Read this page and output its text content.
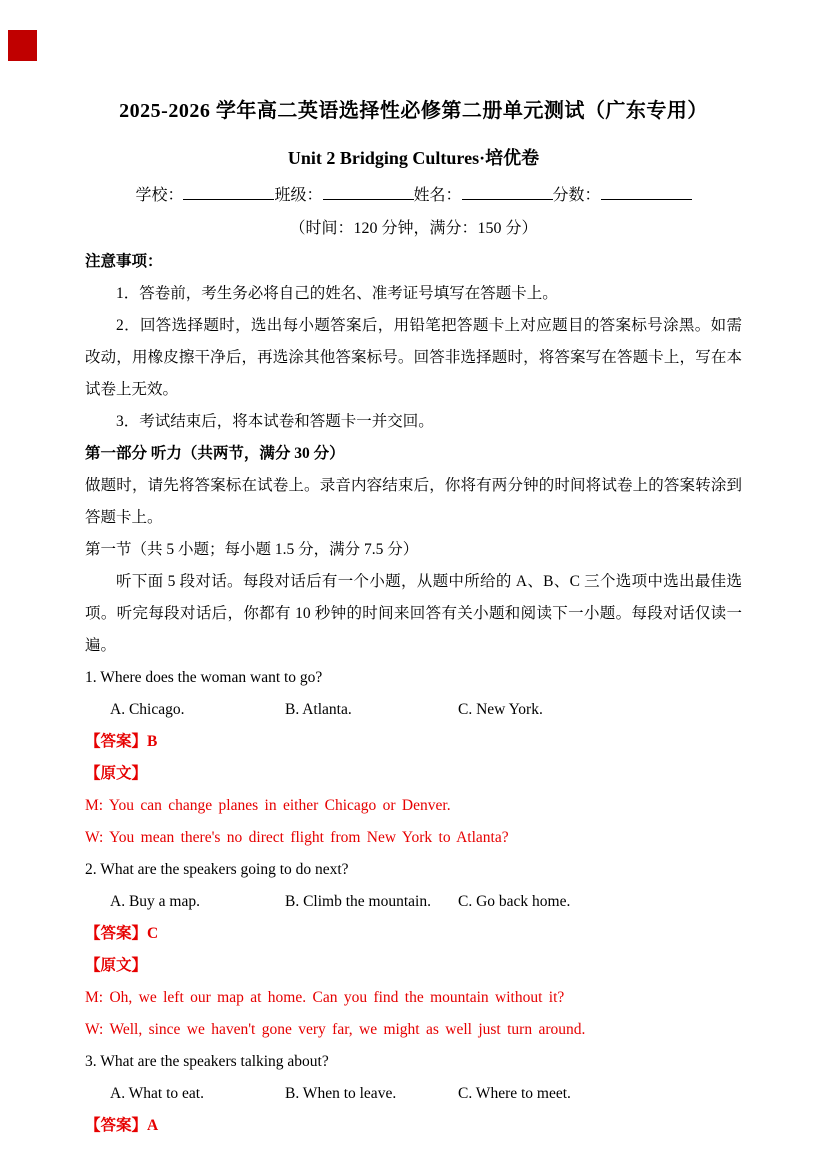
2025-2026 学年高二英语选择性必修第二册单元测试（广东专用）
Unit 2 Bridging Cultures·培优卷
学校：	班级：	姓名：	分数：
（时间：120 分钟，满分：150 分）

注意事项：

1．答卷前，考生务必将自己的姓名、准考证号填写在答题卡上。

2．回答选择题时，选出每小题答案后，用铅笔把答题卡上对应题目的答案标号涂黑。如需改动，用橡皮擦干净后，再选涂其他答案标号。回答非选择题时，将答案写在答题卡上，写在本试卷上无效。

3．考试结束后，将本试卷和答题卡一并交回。

第一部分 听力（共两节，满分 30 分）

做题时，请先将答案标在试卷上。录音内容结束后，你将有两分钟的时间将试卷上的答案转涂到答题卡上。

第一节（共 5 小题；每小题 1.5 分，满分 7.5 分）

听下面 5 段对话。每段对话后有一个小题，从题中所给的 A、B、C 三个选项中选出最佳选项。听完每段对话后，你都有 10 秒钟的时间来回答有关小题和阅读下一小题。每段对话仅读一遍。

1. Where does the woman want to go?

A. Chicago.	B. Atlanta.	C. New York.

【答案】B

【原文】

M: You can change planes in either Chicago or Denver.

W: You mean there's no direct flight from New York to Atlanta?

2. What are the speakers going to do next?

A. Buy a map.	B. Climb the mountain.	C. Go back home.

【答案】C

【原文】

M: Oh, we left our map at home. Can you find the mountain without it?

W: Well, since we haven't gone very far, we might as well just turn around.

3. What are the speakers talking about?

A. What to eat.	B. When to leave.	C. Where to meet.

【答案】A
